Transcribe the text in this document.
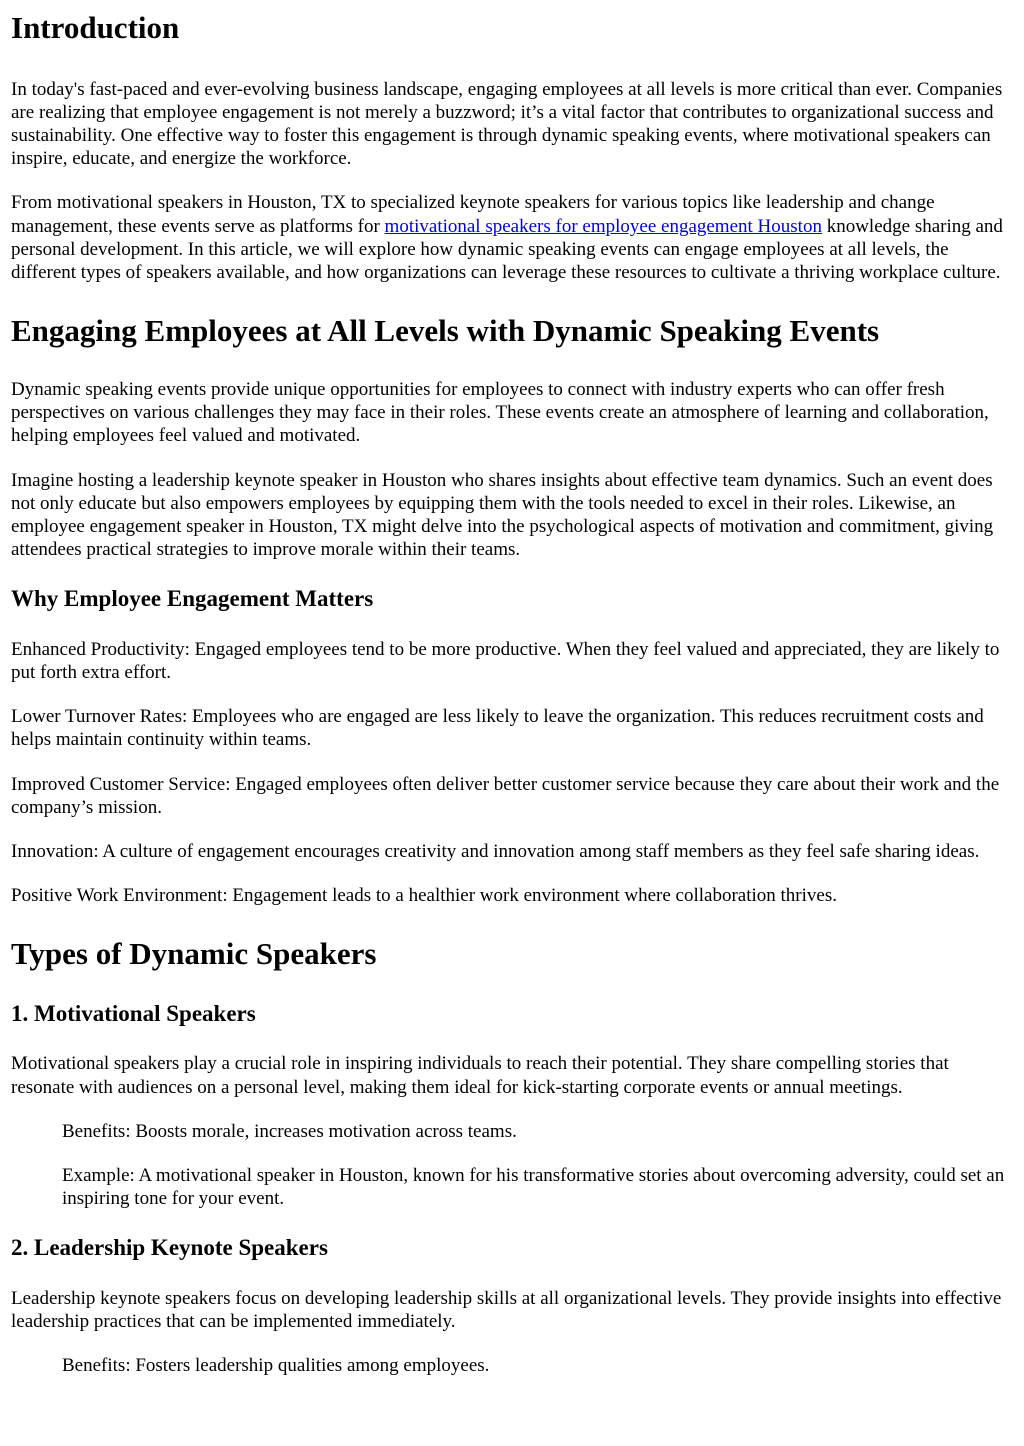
Introduction

In today's fast-paced and ever-evolving business landscape, engaging employees at all levels is more critical than ever. Companies are realizing that employee engagement is not merely a buzzword; it’s a vital factor that contributes to organizational success and sustainability. One effective way to foster this engagement is through dynamic speaking events, where motivational speakers can inspire, educate, and energize the workforce.

From motivational speakers in Houston, TX to specialized keynote speakers for various topics like leadership and change management, these events serve as platforms for motivational speakers for employee engagement Houston knowledge sharing and personal development. In this article, we will explore how dynamic speaking events can engage employees at all levels, the different types of speakers available, and how organizations can leverage these resources to cultivate a thriving workplace culture.

Engaging Employees at All Levels with Dynamic Speaking Events

Dynamic speaking events provide unique opportunities for employees to connect with industry experts who can offer fresh perspectives on various challenges they may face in their roles. These events create an atmosphere of learning and collaboration, helping employees feel valued and motivated.

Imagine hosting a leadership keynote speaker in Houston who shares insights about effective team dynamics. Such an event does not only educate but also empowers employees by equipping them with the tools needed to excel in their roles. Likewise, an employee engagement speaker in Houston, TX might delve into the psychological aspects of motivation and commitment, giving attendees practical strategies to improve morale within their teams.

Why Employee Engagement Matters

Enhanced Productivity: Engaged employees tend to be more productive. When they feel valued and appreciated, they are likely to put forth extra effort.

Lower Turnover Rates: Employees who are engaged are less likely to leave the organization. This reduces recruitment costs and helps maintain continuity within teams.

Improved Customer Service: Engaged employees often deliver better customer service because they care about their work and the company’s mission.

Innovation: A culture of engagement encourages creativity and innovation among staff members as they feel safe sharing ideas.

Positive Work Environment: Engagement leads to a healthier work environment where collaboration thrives.

Types of Dynamic Speakers
1. Motivational Speakers

Motivational speakers play a crucial role in inspiring individuals to reach their potential. They share compelling stories that resonate with audiences on a personal level, making them ideal for kick-starting corporate events or annual meetings.

Benefits: Boosts morale, increases motivation across teams.

Example: A motivational speaker in Houston, known for his transformative stories about overcoming adversity, could set an inspiring tone for your event.

2. Leadership Keynote Speakers

Leadership keynote speakers focus on developing leadership skills at all organizational levels. They provide insights into effective leadership practices that can be implemented immediately.

Benefits: Fosters leadership qualities among employees.
